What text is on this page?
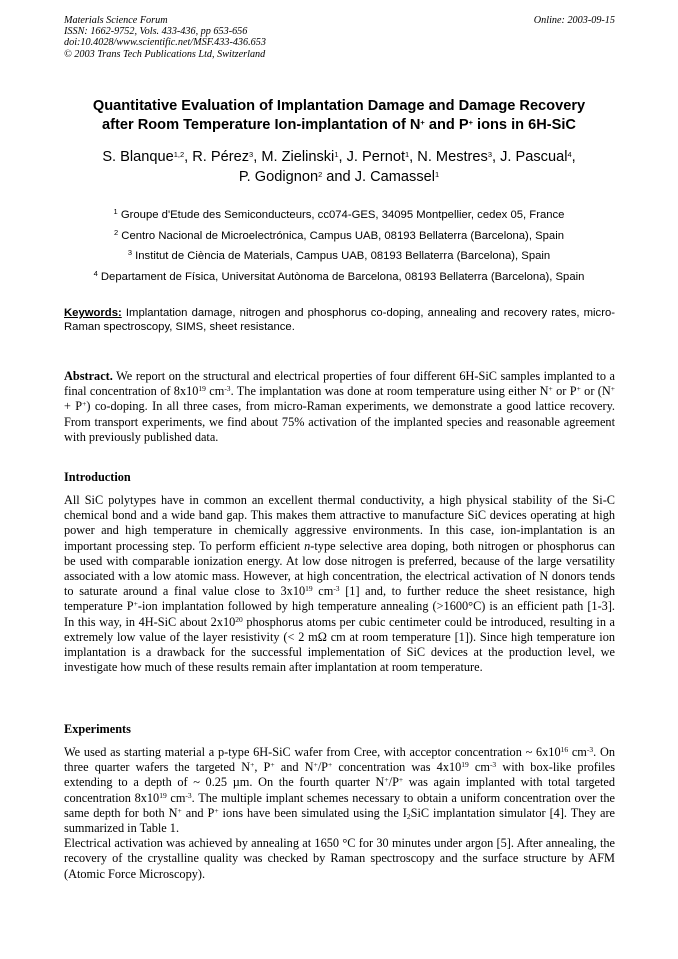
Materials Science Forum
ISSN: 1662-9752, Vols. 433-436, pp 653-656
doi:10.4028/www.scientific.net/MSF.433-436.653
© 2003 Trans Tech Publications Ltd, Switzerland
Online: 2003-09-15
Quantitative Evaluation of Implantation Damage and Damage Recovery
after Room Temperature Ion-implantation of N+ and P+ ions in 6H-SiC
S. Blanque$^{1,2}$, R. Pérez$^3$, M. Zielinski$^1$, J. Pernot$^1$, N. Mestres$^3$, J. Pascual$^4$,
P. Godignon$^2$ and J. Camassel$^1$
$^1$ Groupe d'Etude des Semiconducteurs, cc074-GES, 34095 Montpellier, cedex 05, France
$^2$ Centro Nacional de Microelectrónica, Campus UAB, 08193 Bellaterra (Barcelona), Spain
$^3$ Institut de Ciència de Materials, Campus UAB, 08193 Bellaterra (Barcelona), Spain
$^4$ Departament de Física, Universitat Autònoma de Barcelona, 08193 Bellaterra (Barcelona), Spain
Keywords: Implantation damage, nitrogen and phosphorus co-doping, annealing and recovery rates, micro-Raman spectroscopy, SIMS, sheet resistance.

Abstract. We report on the structural and electrical properties of four different 6H-SiC samples implanted to a final concentration of $8x10^{19}$ $cm^{-3}$. The implantation was done at room temperature using either N+ or P+ or (N+ + P+) co-doping. In all three cases, from micro-Raman experiments, we demonstrate a good lattice recovery. From transport experiments, we find about 75% activation of the implanted species and reasonable agreement with previously published data.

Introduction

All SiC polytypes have in common an excellent thermal conductivity, a high physical stability of the Si-C chemical bond and a wide band gap. This makes them attractive to manufacture SiC devices operating at high power and high temperature in chemically aggressive environments. In this case, ion-implantation is an important processing step. To perform efficient n-type selective area doping, both nitrogen or phosphorus can be used with comparable ionization energy. At low dose nitrogen is preferred, because of the large versatility associated with a low atomic mass. However, at high concentration, the electrical activation of N donors tends to saturate around a final value close to $3x10^{19}$ $cm^{-3}$ [1] and, to further reduce the sheet resistance, high temperature P+-ion implantation followed by high temperature annealing (>1600°C) is an efficient path [1-3]. In this way, in 4H-SiC about $2x10^{20}$ phosphorus atoms per cubic centimeter could be introduced, resulting in a extremely low value of the layer resistivity (< 2 mΩ cm at room temperature [1]). Since high temperature ion implantation is a drawback for the successful implementation of SiC devices at the production level, we investigate how much of these results remain after implantation at room temperature.

Experiments

We used as starting material a p-type 6H-SiC wafer from Cree, with acceptor concentration ~ $6x10^{16}$ $cm^{-3}$. On three quarter wafers the targeted N+, P+ and N+/P+ concentration was $4x10^{19}$ $cm^{-3}$ with box-like profiles extending to a depth of ~ 0.25 µm. On the fourth quarter N+/P+ was again implanted with total targeted concentration $8x10^{19}$ $cm^{-3}$. The multiple implant schemes necessary to obtain a uniform concentration over the same depth for both N+ and P+ ions have been simulated using the $I_2SiC$ implantation simulator [4]. They are summarized in Table 1.

Electrical activation was achieved by annealing at 1650 °C for 30 minutes under argon [5]. After annealing, the recovery of the crystalline quality was checked by Raman spectroscopy and the surface structure by AFM (Atomic Force Microscopy).
